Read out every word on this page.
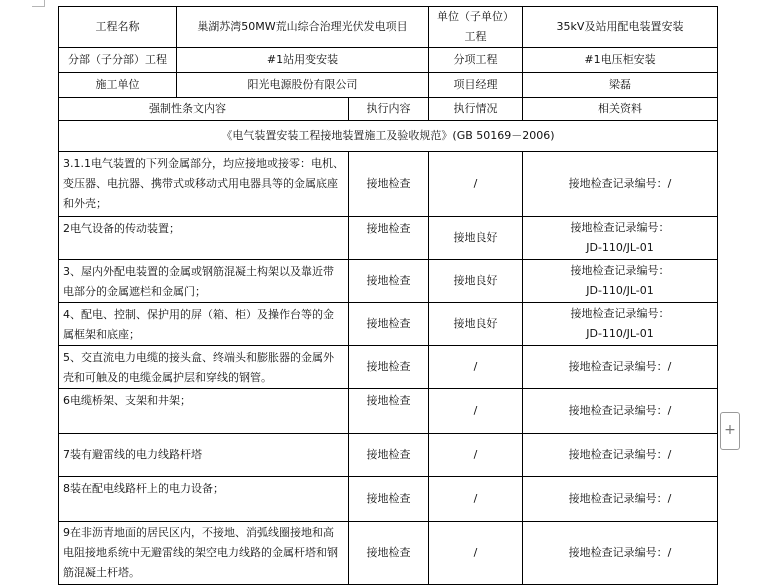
工程名称	巢湖苏湾50MW荒山综合治理光伏发电项目		单位（子单位）工程	35kV及站用配电装置安装
分部（子分部）工程	#1站用变安装		分项工程	#1电压柜安装
施工单位	阳光电源股份有限公司		项目经理	梁磊
强制性条文内容		执行内容	执行情况	相关资料
《电气装置安装工程接地装置施工及验收规范》(GB 50169－2006)				
3.1.1电气装置的下列金属部分，均应接地或接零：电机、变压器、电抗器、携带式或移动式用电器具等的金属底座和外壳；		接地检查	/	接地检查记录编号：/
2电气设备的传动装置；		接地检查	接地良好	接地检查记录编号：
JD-110/JL-01

3、屋内外配电装置的金属或钢筋混凝土构架以及靠近带电部分的金属遮栏和金属门；		接地检查	接地良好	接地检查记录编号：
JD-110/JL-01

4、配电、控制、保护用的屏（箱、柜）及操作台等的金属框架和底座；		接地检查	接地良好	接地检查记录编号：
JD-110/JL-01

5、交直流电力电缆的接头盒、终端头和膨胀器的金属外壳和可触及的电缆金属护层和穿线的钢管。		接地检查	/	接地检查记录编号：/
6电缆桥架、支架和井架；		接地检查	/	接地检查记录编号：/
7装有避雷线的电力线路杆塔		接地检查	/	接地检查记录编号：/
8装在配电线路杆上的电力设备；		接地检查	/	接地检查记录编号：/
9在非沥青地面的居民区内，不接地、消弧线圈接地和高电阻接地系统中无避雷线的架空电力线路的金属杆塔和钢筋混凝土杆塔。		接地检查	/	接地检查记录编号：/
+
